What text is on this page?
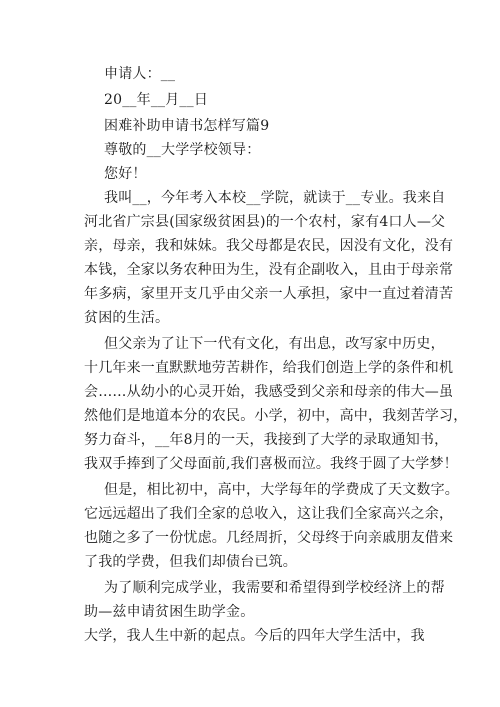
申请人：__
20__年__月__日
困难补助申请书怎样写篇9
尊敬的__大学学校领导：
您好！
我叫__，今年考入本校__学院，就读于__专业。我来自
河北省广宗县(国家级贫困县)的一个农村，家有4口人—父
亲，母亲，我和妹妹。我父母都是农民，因没有文化，没有
本钱，全家以务农种田为生，没有企副收入，且由于母亲常
年多病，家里开支几乎由父亲一人承担，家中一直过着清苦
贫困的生活。
但父亲为了让下一代有文化，有出息，改写家中历史，
十几年来一直默默地劳苦耕作，给我们创造上学的条件和机
会……从幼小的心灵开始，我感受到父亲和母亲的伟大—虽
然他们是地道本分的农民。小学，初中，高中，我刻苦学习，
努力奋斗，__年8月的一天，我接到了大学的录取通知书，
我双手捧到了父母面前,我们喜极而泣。我终于圆了大学梦！
但是，相比初中，高中，大学每年的学费成了天文数字。
它远远超出了我们全家的总收入，这让我们全家高兴之余，
也随之多了一份忧虑。几经周折，父母终于向亲戚朋友借来
了我的学费，但我们却债台已筑。
为了顺利完成学业，我需要和希望得到学校经济上的帮
助—兹申请贫困生助学金。
大学，我人生中新的起点。今后的四年大学生活中，我
